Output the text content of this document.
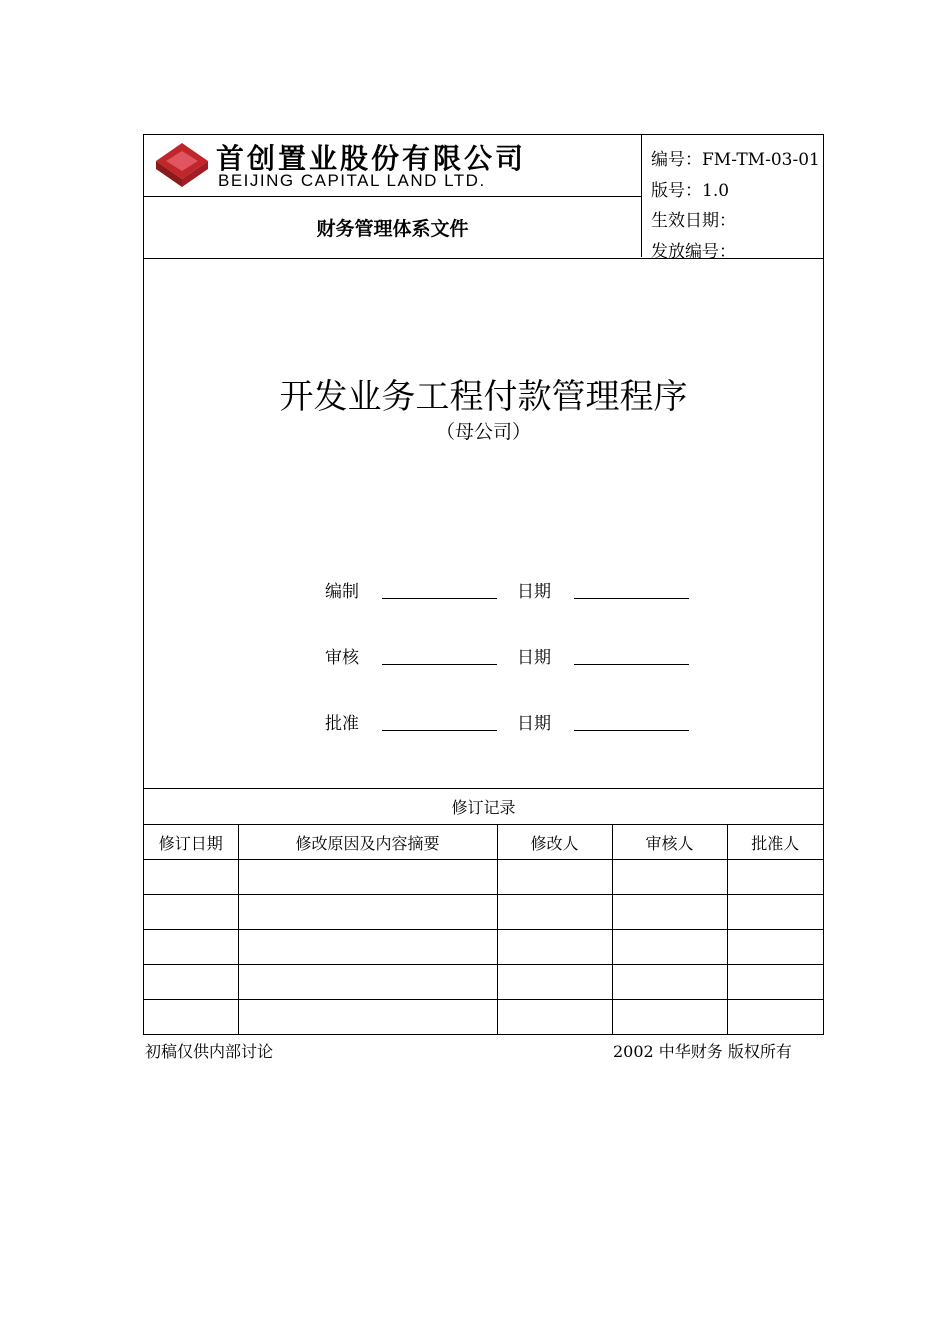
首创置业股份有限公司
BEIJING CAPITAL LAND LTD.
财务管理体系文件
编号：FM-TM-03-01
版号：1.0
生效日期：
发放编号：
开发业务工程付款管理程序
（母公司）
编制	日期
审核	日期
批准	日期
修订记录
修订日期	修改原因及内容摘要	修改人	审核人	批准人

初稿仅供内部讨论	2002 中华财务 版权所有
